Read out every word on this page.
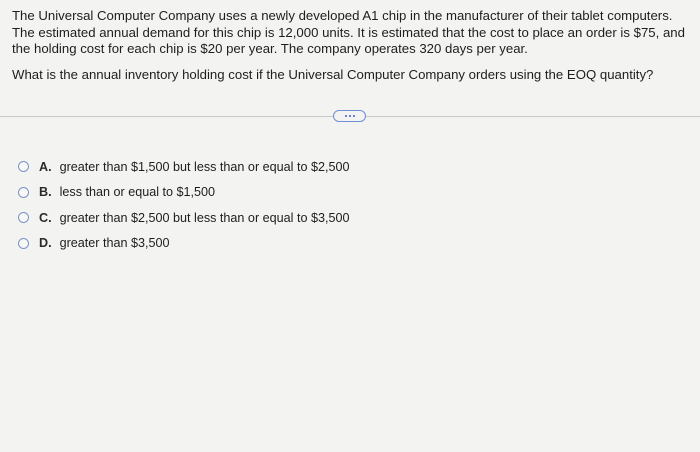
The Universal Computer Company uses a newly developed A1 chip in the manufacturer of their tablet computers. The estimated annual demand for this chip is 12,000 units. It is estimated that the cost to place an order is $75, and the holding cost for each chip is $20 per year. The company operates 320 days per year.

What is the annual inventory holding cost if the Universal Computer Company orders using the EOQ quantity?

A. greater than $1,500 but less than or equal to $2,500
B. less than or equal to $1,500
C. greater than $2,500 but less than or equal to $3,500
D. greater than $3,500
